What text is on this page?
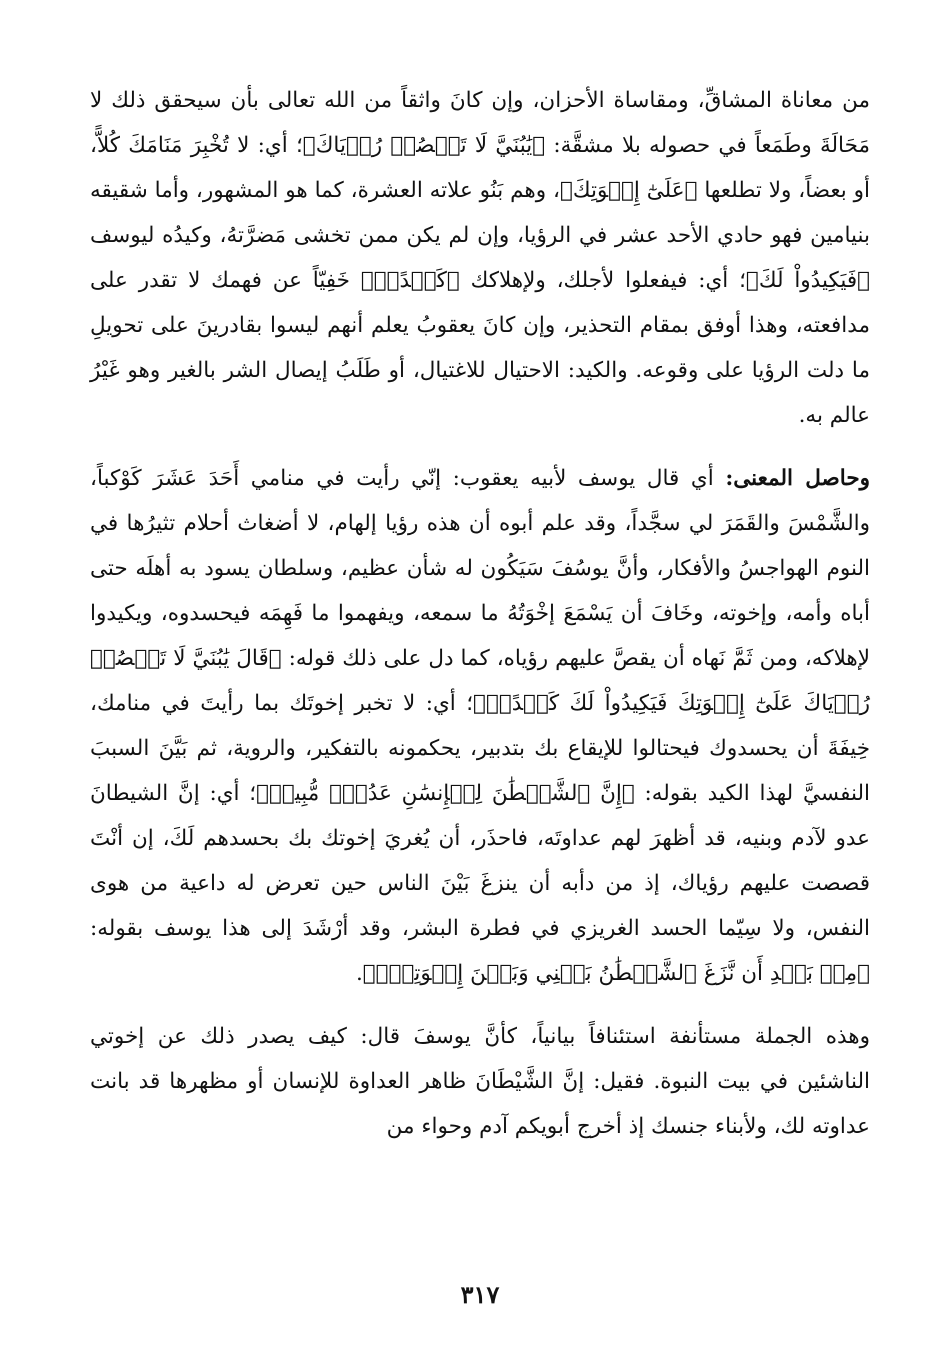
من معاناة المشاقِّ، ومقاساة الأحزان، وإن كانَ واثقاً من الله تعالى بأن سيحقق ذلك لا مَحَالَةَ وطَمَعاً في حصوله بلا مشقَّة: ﴿يَٰبُنَيَّ لَا تَقۡصُصۡ رُءۡيَاكَ﴾؛ أي: لا تُخْبِرَ مَنَامَكَ كُلاًّ، أو بعضاً، ولا تطلعها ﴿عَلَىٰٓ إِخۡوَتِكَ﴾، وهم بَنُو علاته العشرة، كما هو المشهور، وأما شقيقه بنيامين فهو حادي الأحد عشر في الرؤيا، وإن لم يكن ممن تخشى مَضرَّتهُ، وكيدُه ليوسف ﴿فَيَكِيدُواْ لَكَ﴾؛ أي: فيفعلوا لأجلك، ولإهلاكك ﴿كَيۡدًاۖ﴾ خَفِيّاً عن فهمك لا تقدر على مدافعته، وهذا أوفق بمقام التحذير، وإن كانَ يعقوبُ يعلم أنهم ليسوا بقادرينَ على تحويلِ ما دلت الرؤيا على وقوعه. والكيد: الاحتيال للاغتيال، أو طَلَبُ إيصال الشر بالغير وهو غَيْرُ عالم به.

وحاصل المعنى: أي قال يوسف لأبيه يعقوب: إنّي رأيت في منامي أَحَدَ عَشَرَ كَوْكباً، والشَّمْسَ والقَمَرَ لي سجَّداً، وقد علم أبوه أن هذه رؤيا إلهام، لا أضغاث أحلام تثيرُها في النوم الهواجسُ والأفكار، وأنَّ يوسُفَ سَيَكُون له شأن عظيم، وسلطان يسود به أهلَه حتى أباه وأمه، وإخوته، وخَافَ أن يَسْمَعَ إخْوَتُهُ ما سمعه، ويفهموا ما فَهِمَه فيحسدوه، ويكيدوا لإهلاكه، ومن ثَمَّ نَهاه أن يقصَّ عليهم رؤياه، كما دل على ذلك قوله: ﴿قَالَ يَٰبُنَيَّ لَا تَقۡصُصۡ رُءۡيَاكَ عَلَىٰٓ إِخۡوَتِكَ فَيَكِيدُواْ لَكَ كَيۡدًاۖ﴾؛ أي: لا تخبر إخوتَك بما رأيتَ في منامك، خِيفَةَ أن يحسدوك فيحتالوا للإيقاع بك بتدبير، يحكمونه بالتفكير، والروية، ثم بَيَّنَ السببَ النفسيَّ لهذا الكيد بقوله: ﴿إِنَّ ٱلشَّيۡطَٰنَ لِلۡإِنسَٰنِ عَدُوّٞ مُّبِينٞ﴾؛ أي: إنَّ الشيطانَ عدو لآدم وبنيه، قد أظهرَ لهم عداوتَه، فاحذَر، أن يُغريَ إخوتك بك بحسدهم لَكَ، إن أنْتَ قصصت عليهم رؤياك، إذ من دأبه أن ينزغَ بَيْنَ الناس حين تعرض له داعية من هوى النفس، ولا سِيّما الحسد الغريزي في فطرة البشر، وقد أرْشَدَ إلى هذا يوسف بقوله: ﴿مِنۢ بَعۡدِ أَن نَّزَغَ ٱلشَّيۡطَٰنُ بَيۡنِي وَبَيۡنَ إِخۡوَتِيٓۚ﴾.

وهذه الجملة مستأنفة استئنافاً بيانياً، كأنَّ يوسفَ قال: كيف يصدر ذلك عن إخوتي الناشئين في بيت النبوة. فقيل: إنَّ الشَّيْطَانَ ظاهر العداوة للإنسان أو مظهرها قد بانت عداوته لك، ولأبناء جنسك إذ أخرج أبويكم آدم وحواء من

٣١٧
